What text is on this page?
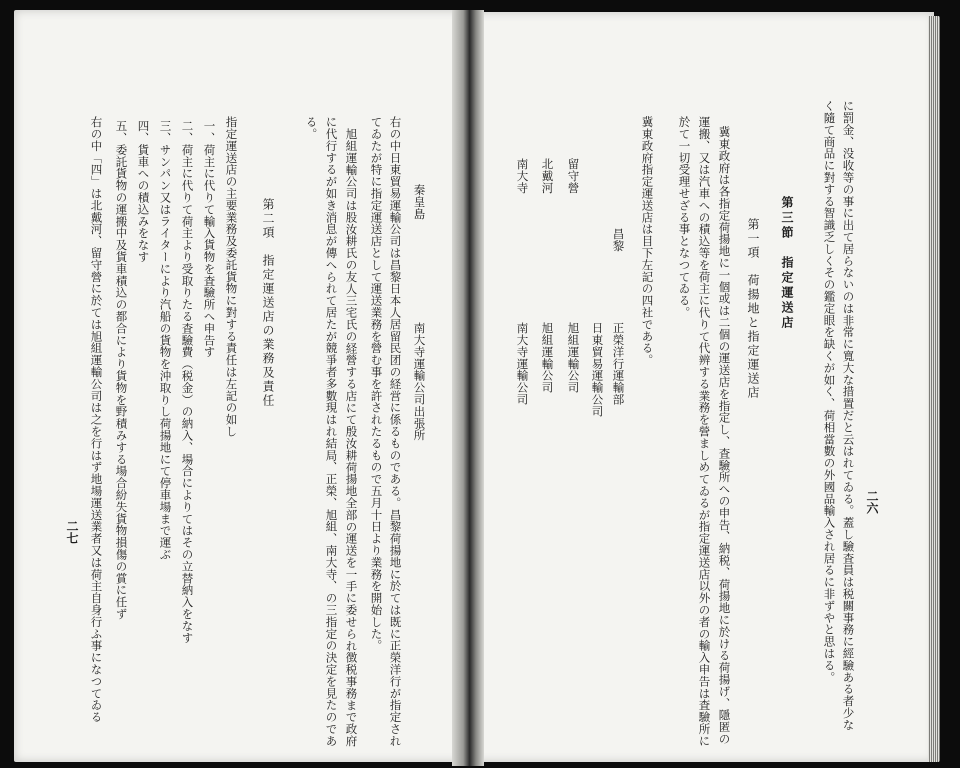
二六
に罰金、没收等の事に出て居らないのは非常に寬大な措置だと云はれてゐる。蓋し驗査員は税關事務に經驗ある者少な
く隨て商品に對する智識乏しくその鑑定眼を缺くが如く、荷相當數の外國品輸入され居るに非ずやと思はる。
第三節　指定運送店
第一項　荷揚地と指定運送店
冀東政府は各指定荷揚地に一個或は二個の運送店を指定し、査驗所への申告、納税、荷揚地に於ける荷揚げ、隱匿の
運搬、又は汽車への積込等を荷主に代りて代辨する業務を營ましめてゐるが指定運送店以外の者の輸入申告は査驗所に
於て一切受理せざる事となつてゐる。
冀東政府指定運送店は目下左記の四社である。
昌黎
正榮洋行運輸部
日東貿易運輸公司
留守營
旭組運輸公司
北戴河
旭組運輸公司
南大寺
南大寺運輸公司
秦皇島
南大寺運輸公司出張所
右の中日東貿易運輸公司は昌黎日本人居留民团の経営に係るものである。昌黎荷揚地に於ては既に正榮洋行が指定され
てゐたが特に指定運送店として運送業務を營む事を許されたるもので五月十日より業務を開始した。
旭組運輸公司は股汝耕氏の友人三宅氏の経營する店にて殷汝耕荷揚地全部の運送を一手に委せられ徴税事務まで政府
に代行するが如き消息が傳へられて居たが競爭者多數現はれ結局、正榮、旭組、南大寺、の三指定の決定を見たのであ
る。
第二項　指定運送店の業務及責任
指定運送店の主要業務及委託貨物に對する責任は左記の如し
一、荷主に代りて輸入貨物を査驗所へ申告す
二、荷主に代りて荷主より受取りたる査驗費（税金）の納入、場合によりてはその立替納入をなす
三、サンパン又はライターにより汽船の貨物を沖取りし荷揚地にて停車場まで運ぶ
四、貨車への積込みをなす
五、委託貨物の運搬中及貨車積込の都合により貨物を野積みする場合紛失貨物損傷の賞に任ず
右の中「四」は北戴河、留守營に於ては旭組運輸公司は之を行はず地場運送業者又は荷主自身行ふ事になつてゐる
二七
